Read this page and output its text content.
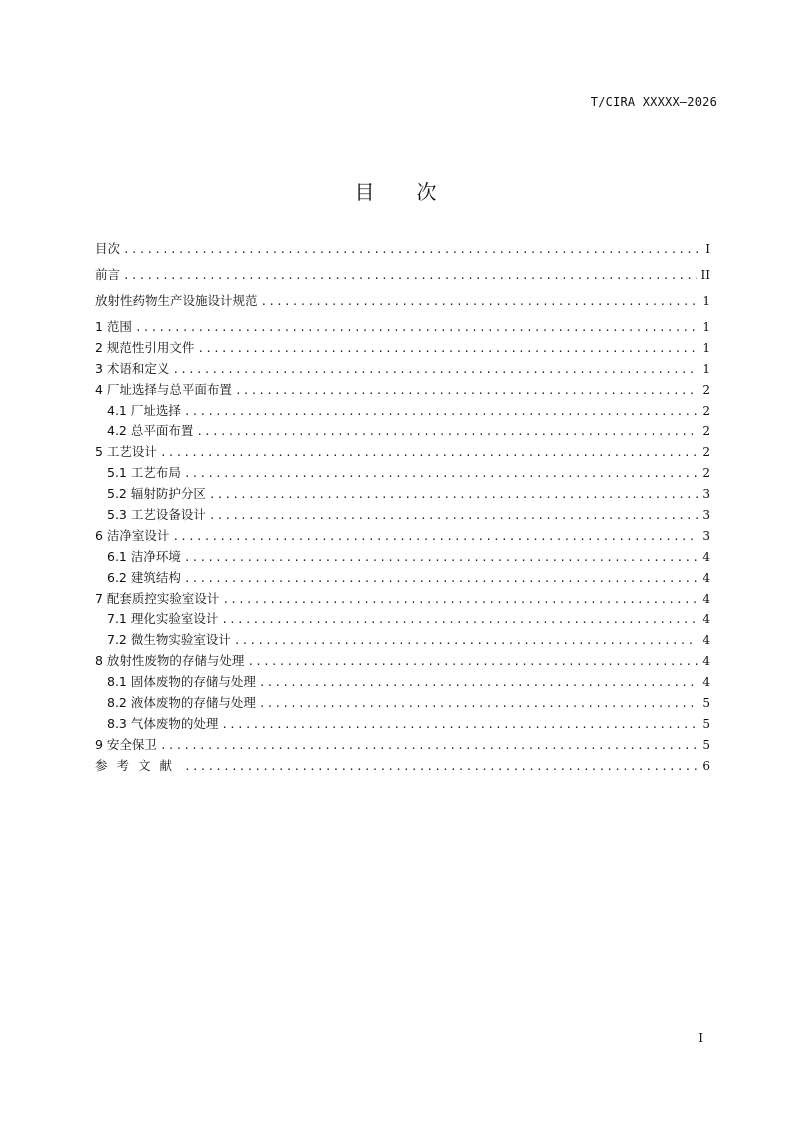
T/CIRA XXXXX—2026
目 次
目次 .....	I
前言 .....	II
放射性药物生产设施设计规范 .....	1
1 范围 .....	1
2 规范性引用文件 .....	1
3 术语和定义 .....	1
4 厂址选择与总平面布置 .....	2
4.1 厂址选择 .....	2
4.2 总平面布置 .....	2
5 工艺设计 .....	2
5.1 工艺布局 .....	2
5.2 辐射防护分区 .....	3
5.3 工艺设备设计 .....	3
6 洁净室设计 .....	3
6.1 洁净环境 .....	4
6.2 建筑结构 .....	4
7 配套质控实验室设计 .....	4
7.1 理化实验室设计 .....	4
7.2 微生物实验室设计 .....	4
8 放射性废物的存储与处理 .....	4
8.1 固体废物的存储与处理 .....	4
8.2 液体废物的存储与处理 .....	5
8.3 气体废物的处理 .....	5
9 安全保卫 .....	5
参考文献 .....	6
I
